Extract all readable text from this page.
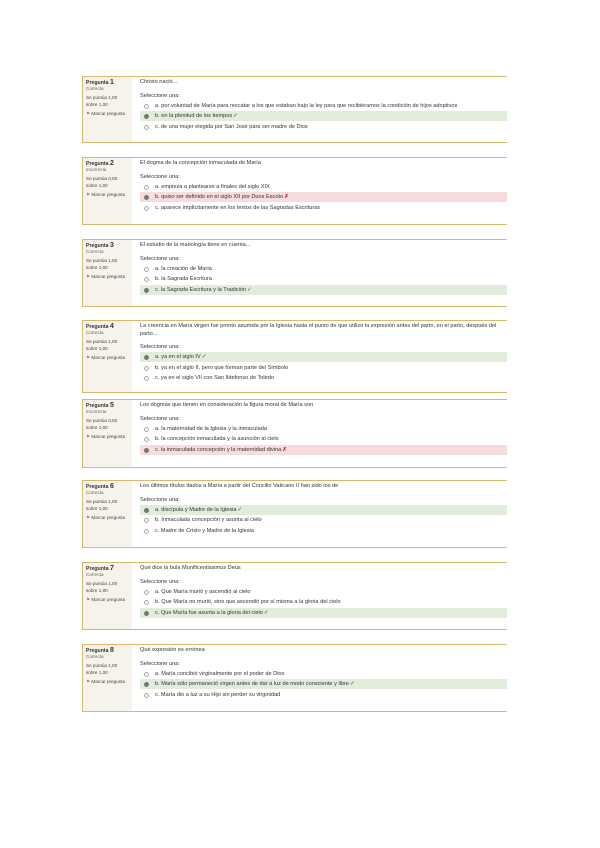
Pregunta 1
Correcta
Se puntúa 1,00 sobre 1,00
⚑ Marcar pregunta
Christo nació...
Seleccione una:
a. por voluntad de María para rescatar a los que estaban bajo la ley para que recibiéramos la condición de hijos adoptivos
b. en la plenitud de los tiempos✓
c. de una mujer elegida por San José para ser madre de Dios
Pregunta 2
Incorrecta
Se puntúa 0,00 sobre 1,00
⚑ Marcar pregunta
El dogma de la concepción inmaculada de María
Seleccione una:
a. empieza a plantearse a finales del siglo XIX
b. quiso ser definido en el siglo XII por Duns Escoto✗
c. aparece implícitamente en los textos de las Sagradas Escrituras
Pregunta 3
Correcta
Se puntúa 1,00 sobre 1,00
⚑ Marcar pregunta
El estudio de la mariología tiene en cuenta...
Seleccione una:
a. la creación de María
b. la Sagrada Escritura
c. la Sagrada Escritura y la Tradición✓
Pregunta 4
Correcta
Se puntúa 1,00 sobre 1,00
⚑ Marcar pregunta
La creencia en María virgen fue pronto asumida por la Iglesia hasta el punto de que utilizó la expresión antes del parto, en el parto, después del parto...
Seleccione una:
a. ya en el siglo IV✓
b. ya en el siglo II, pero que forman parte del Símbolo
c. ya en el siglo VII con San Ildefonso de Toledo
Pregunta 5
Incorrecta
Se puntúa 0,00 sobre 1,00
⚑ Marcar pregunta
Los dogmas que tienen en consideración la figura moral de María son
Seleccione una:
a. la maternidad de la Iglesia y la inmaculada
b. la concepción inmaculada y la asunción al cielo
c. la inmaculada concepción y la maternidad divina✗
Pregunta 6
Correcta
Se puntúa 1,00 sobre 1,00
⚑ Marcar pregunta
Los últimos títulos dados a María a partir del Concilio Vaticano II han sido los de
Seleccione una:
a. discípula y Madre de la Iglesia✓
b. Inmaculada concepción y asunta al cielo
c. Madre de Cristo y Madre de la Iglesia
Pregunta 7
Correcta
Se puntúa 1,00 sobre 1,00
⚑ Marcar pregunta
Qué dice la bula Munificentissimus Deus
Seleccione una:
a. Que María murió y ascendió al cielo
b. Que María no murió, sino que ascendió por sí misma a la gloria del cielo
c. Que María fue asunta a la gloria del cielo✓
Pregunta 8
Correcta
Se puntúa 1,00 sobre 1,00
⚑ Marcar pregunta
Qué expresión es errónea
Seleccione una:
a. María concibió virginalmente por el poder de Dios
b. María sólo permaneció virgen antes de dar a luz de modo consciente y libre✓
c. María dio a luz a su Hijo sin perder su virginidad
